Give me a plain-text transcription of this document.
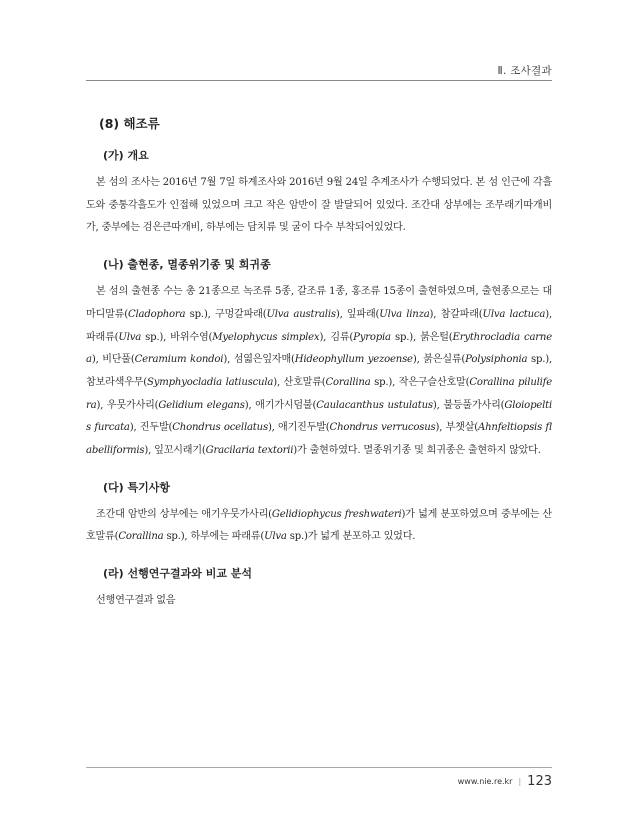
Ⅱ. 조사결과
(8) 해조류
(가) 개요

본 섬의 조사는 2016년 7월 7일 하계조사와 2016년 9월 24일 추계조사가 수행되었다. 본 섬 인근에 각흘도와 중통각흘도가 인접해 있었으며 크고 작은 암반이 잘 발달되어 있었다. 조간대 상부에는 조무래기따개비가, 중부에는 검은큰따개비, 하부에는 담치류 및 굴이 다수 부착되어있었다.

(나) 출현종, 멸종위기종 및 희귀종

본 섬의 출현종 수는 총 21종으로 녹조류 5종, 갈조류 1종, 홍조류 15종이 출현하였으며, 출현종으로는 대마디말류(Cladophora sp.), 구멍갈파래(Ulva australis), 잎파래(Ulva linza), 참갈파래(Ulva lactuca), 파래류(Ulva sp.), 바위수염(Myelophycus simplex), 김류(Pyropia sp.), 붉은털(Erythrocladia carnea), 비단풀(Ceramium kondoi), 섬엷은잎자매(Hideophyllum yezoense), 붉은실류(Polysiphonia sp.), 참보라색우무(Symphyocladia latiuscula), 산호말류(Corallina sp.), 작은구슬산호말(Corallina pilulifera), 우뭇가사리(Gelidium elegans), 애기가시덤불(Caulacanthus ustulatus), 불등풀가사리(Gloiopeltis furcata), 진두발(Chondrus ocellatus), 애기진두발(Chondrus verrucosus), 부챗살(Ahnfeltiopsis flabelliformis), 잎꼬시래기(Gracilaria textorii)가 출현하였다. 멸종위기종 및 희귀종은 출현하지 않았다.

(다) 특기사항

조간대 암반의 상부에는 애기우뭇가사리(Gelidiophycus freshwateri)가 넓게 분포하였으며 중부에는 산호말류(Corallina sp.), 하부에는 파래류(Ulva sp.)가 넓게 분포하고 있었다.

(라) 선행연구결과와 비교 분석

선행연구결과 없음

www.nie.re.kr | 123
